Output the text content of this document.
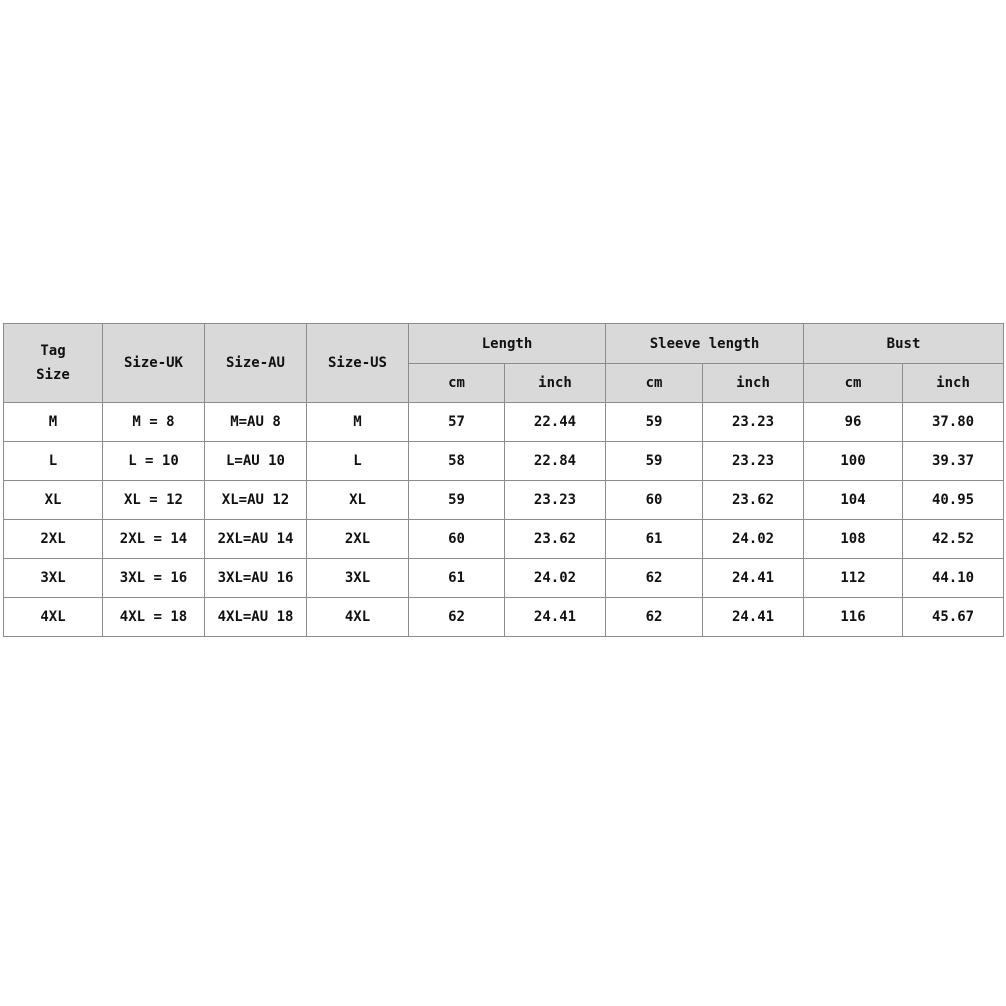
Tag
Size	Size-UK	Size-AU	Size-US	Length		Sleeve length		Bust	
				cm	inch	cm	inch	cm	inch
M	M = 8	M=AU 8	M	57	22.44	59	23.23	96	37.80
L	L = 10	L=AU 10	L	58	22.84	59	23.23	100	39.37
XL	XL = 12	XL=AU 12	XL	59	23.23	60	23.62	104	40.95
2XL	2XL = 14	2XL=AU 14	2XL	60	23.62	61	24.02	108	42.52
3XL	3XL = 16	3XL=AU 16	3XL	61	24.02	62	24.41	112	44.10
4XL	4XL = 18	4XL=AU 18	4XL	62	24.41	62	24.41	116	45.67
